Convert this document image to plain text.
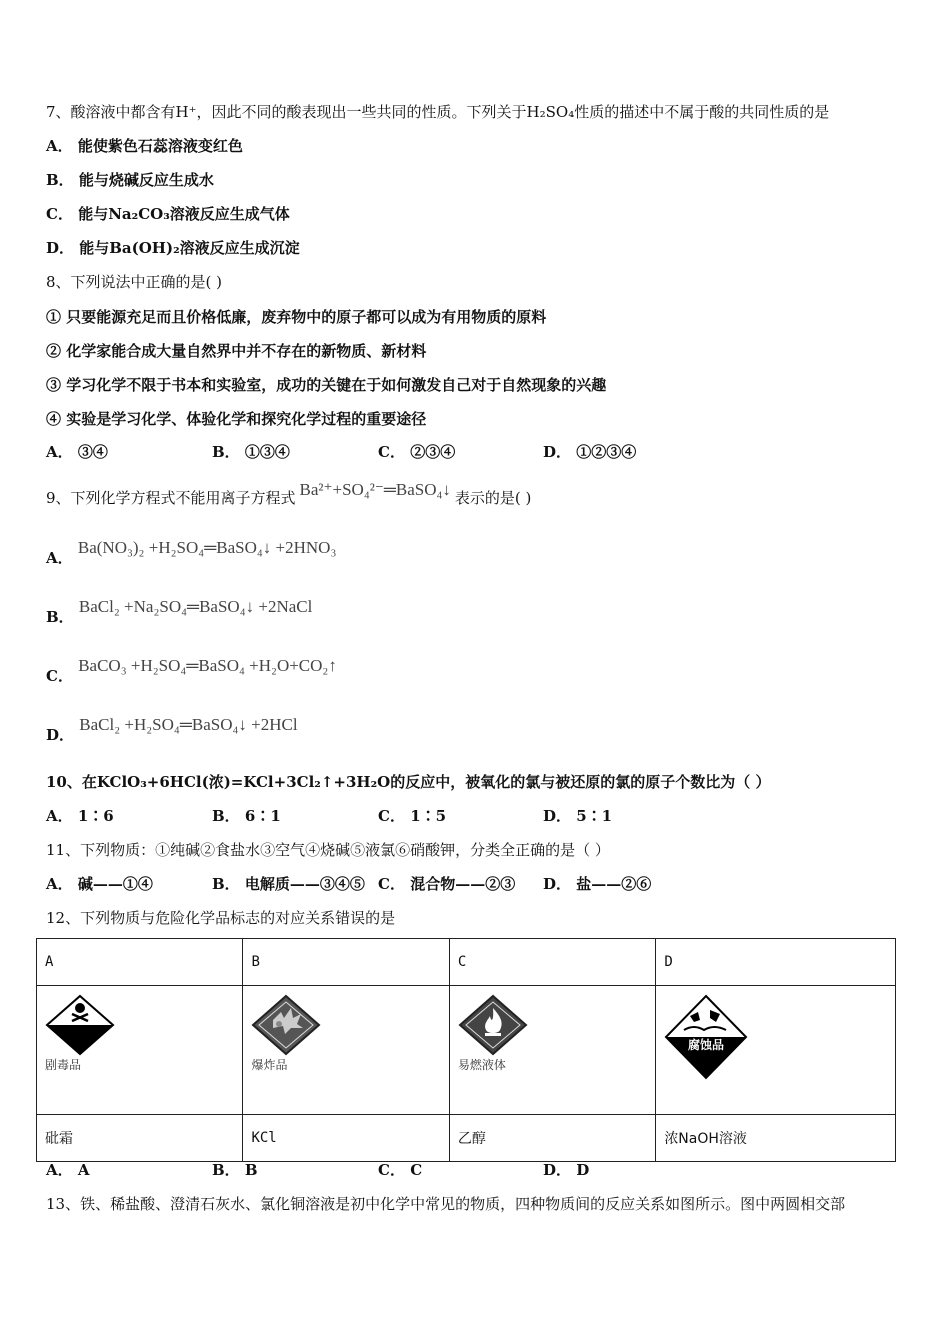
7、酸溶液中都含有H⁺，因此不同的酸表现出一些共同的性质。下列关于H₂SO₄性质的描述中不属于酸的共同性质的是
A． 能使紫色石蕊溶液变红色
B． 能与烧碱反应生成水
C． 能与Na₂CO₃溶液反应生成气体
D． 能与Ba(OH)₂溶液反应生成沉淀
8、下列说法中正确的是( )
① 只要能源充足而且价格低廉，废弃物中的原子都可以成为有用物质的原料
② 化学家能合成大量自然界中并不存在的新物质、新材料
③ 学习化学不限于书本和实验室，成功的关键在于如何激发自己对于自然现象的兴趣
④ 实验是学习化学、体验化学和探究化学过程的重要途径
A． ③④	B． ①③④	C． ②③④	D． ①②③④
9、下列化学方程式不能用离子方程式 Ba²⁺+SO₄²⁻═BaSO₄↓ 表示的是( )
A． Ba(NO₃)₂ +H₂SO₄═BaSO₄↓ +2HNO₃
B． BaCl₂ +Na₂SO₄═BaSO₄↓ +2NaCl
C． BaCO₃ +H₂SO₄═BaSO₄ +H₂O+CO₂↑
D． BaCl₂ +H₂SO₄═BaSO₄↓ +2HCl
10、在KClO₃+6HCl(浓)=KCl+3Cl₂↑+3H₂O的反应中，被氧化的氯与被还原的氯的原子个数比为（ ）
A． 1∶6	B． 6∶1	C． 1∶5	D． 5∶1
11、下列物质：①纯碱②食盐水③空气④烧碱⑤液氯⑥硝酸钾，分类全正确的是（ ）
A． 碱——①④	B． 电解质——③④⑤ C． 混合物——②③ D． 盐——②⑥
12、下列物质与危险化学品标志的对应关系错误的是
A	B	C	D

剧毒品	爆炸品	易燃液体	腐蚀品

砒霜	KCl	乙醇	浓NaOH溶液
A． A	B． B	C． C	D． D
13、铁、稀盐酸、澄清石灰水、氯化铜溶液是初中化学中常见的物质，四种物质间的反应关系如图所示。图中两圆相交部
